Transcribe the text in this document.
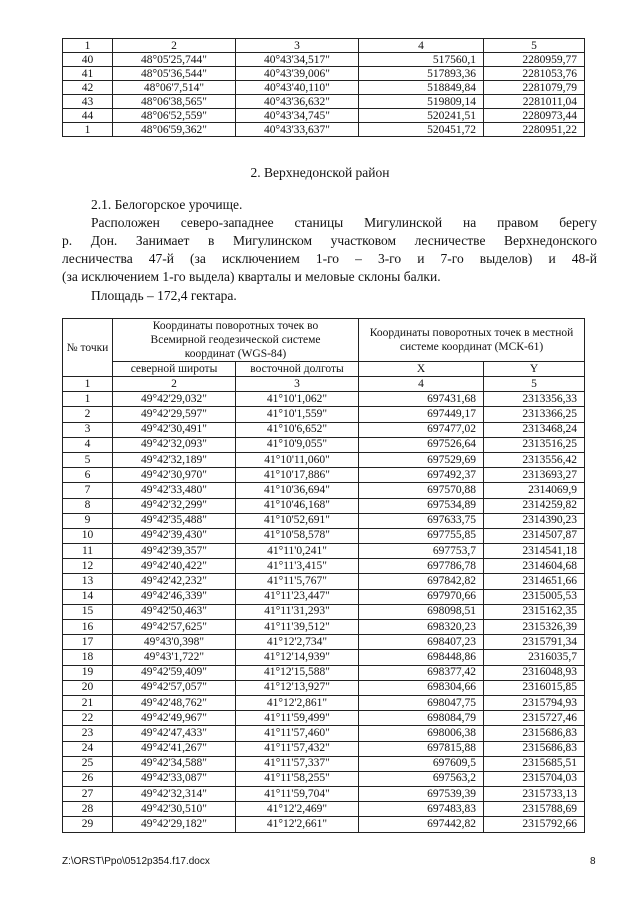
1	2	3	4	5
40	48°05'25,744"	40°43'34,517"	517560,1	2280959,77
41	48°05'36,544"	40°43'39,006"	517893,36	2281053,76
42	48°06'7,514"	40°43'40,110"	518849,84	2281079,79
43	48°06'38,565"	40°43'36,632"	519809,14	2281011,04
44	48°06'52,559"	40°43'34,745"	520241,51	2280973,44
1	48°06'59,362"	40°43'33,637"	520451,72	2280951,22
2. Верхнедонской район
2.1. Белогорское урочище.
Расположен северо-западнее станицы Мигулинской на правом берегу
р. Дон. Занимает в Мигулинском участковом лесничестве Верхнедонского
лесничества 47-й (за исключением 1-го – 3-го и 7-го выделов) и 48-й
(за исключением 1-го выдела) кварталы и меловые склоны балки.
Площадь – 172,4 гектара.
№ точки	Координаты поворотных точек во Всемирной геодезической системе координат (WGS-84)		Координаты поворотных точек в местной системе координат (МСК-61)	
	северной широты	восточной долготы	X	Y
1	2	3	4	5
1	49°42'29,032"	41°10'1,062"	697431,68	2313356,33
2	49°42'29,597"	41°10'1,559"	697449,17	2313366,25
3	49°42'30,491"	41°10'6,652"	697477,02	2313468,24
4	49°42'32,093"	41°10'9,055"	697526,64	2313516,25
5	49°42'32,189"	41°10'11,060"	697529,69	2313556,42
6	49°42'30,970"	41°10'17,886"	697492,37	2313693,27
7	49°42'33,480"	41°10'36,694"	697570,88	2314069,9
8	49°42'32,299"	41°10'46,168"	697534,89	2314259,82
9	49°42'35,488"	41°10'52,691"	697633,75	2314390,23
10	49°42'39,430"	41°10'58,578"	697755,85	2314507,87
11	49°42'39,357"	41°11'0,241"	697753,7	2314541,18
12	49°42'40,422"	41°11'3,415"	697786,78	2314604,68
13	49°42'42,232"	41°11'5,767"	697842,82	2314651,66
14	49°42'46,339"	41°11'23,447"	697970,66	2315005,53
15	49°42'50,463"	41°11'31,293"	698098,51	2315162,35
16	49°42'57,625"	41°11'39,512"	698320,23	2315326,39
17	49°43'0,398"	41°12'2,734"	698407,23	2315791,34
18	49°43'1,722"	41°12'14,939"	698448,86	2316035,7
19	49°42'59,409"	41°12'15,588"	698377,42	2316048,93
20	49°42'57,057"	41°12'13,927"	698304,66	2316015,85
21	49°42'48,762"	41°12'2,861"	698047,75	2315794,93
22	49°42'49,967"	41°11'59,499"	698084,79	2315727,46
23	49°42'47,433"	41°11'57,460"	698006,38	2315686,83
24	49°42'41,267"	41°11'57,432"	697815,88	2315686,83
25	49°42'34,588"	41°11'57,337"	697609,5	2315685,51
26	49°42'33,087"	41°11'58,255"	697563,2	2315704,03
27	49°42'32,314"	41°11'59,704"	697539,39	2315733,13
28	49°42'30,510"	41°12'2,469"	697483,83	2315788,69
29	49°42'29,182"	41°12'2,661"	697442,82	2315792,66
Z:\ORST\Ppo\0512p354.f17.docx	8
